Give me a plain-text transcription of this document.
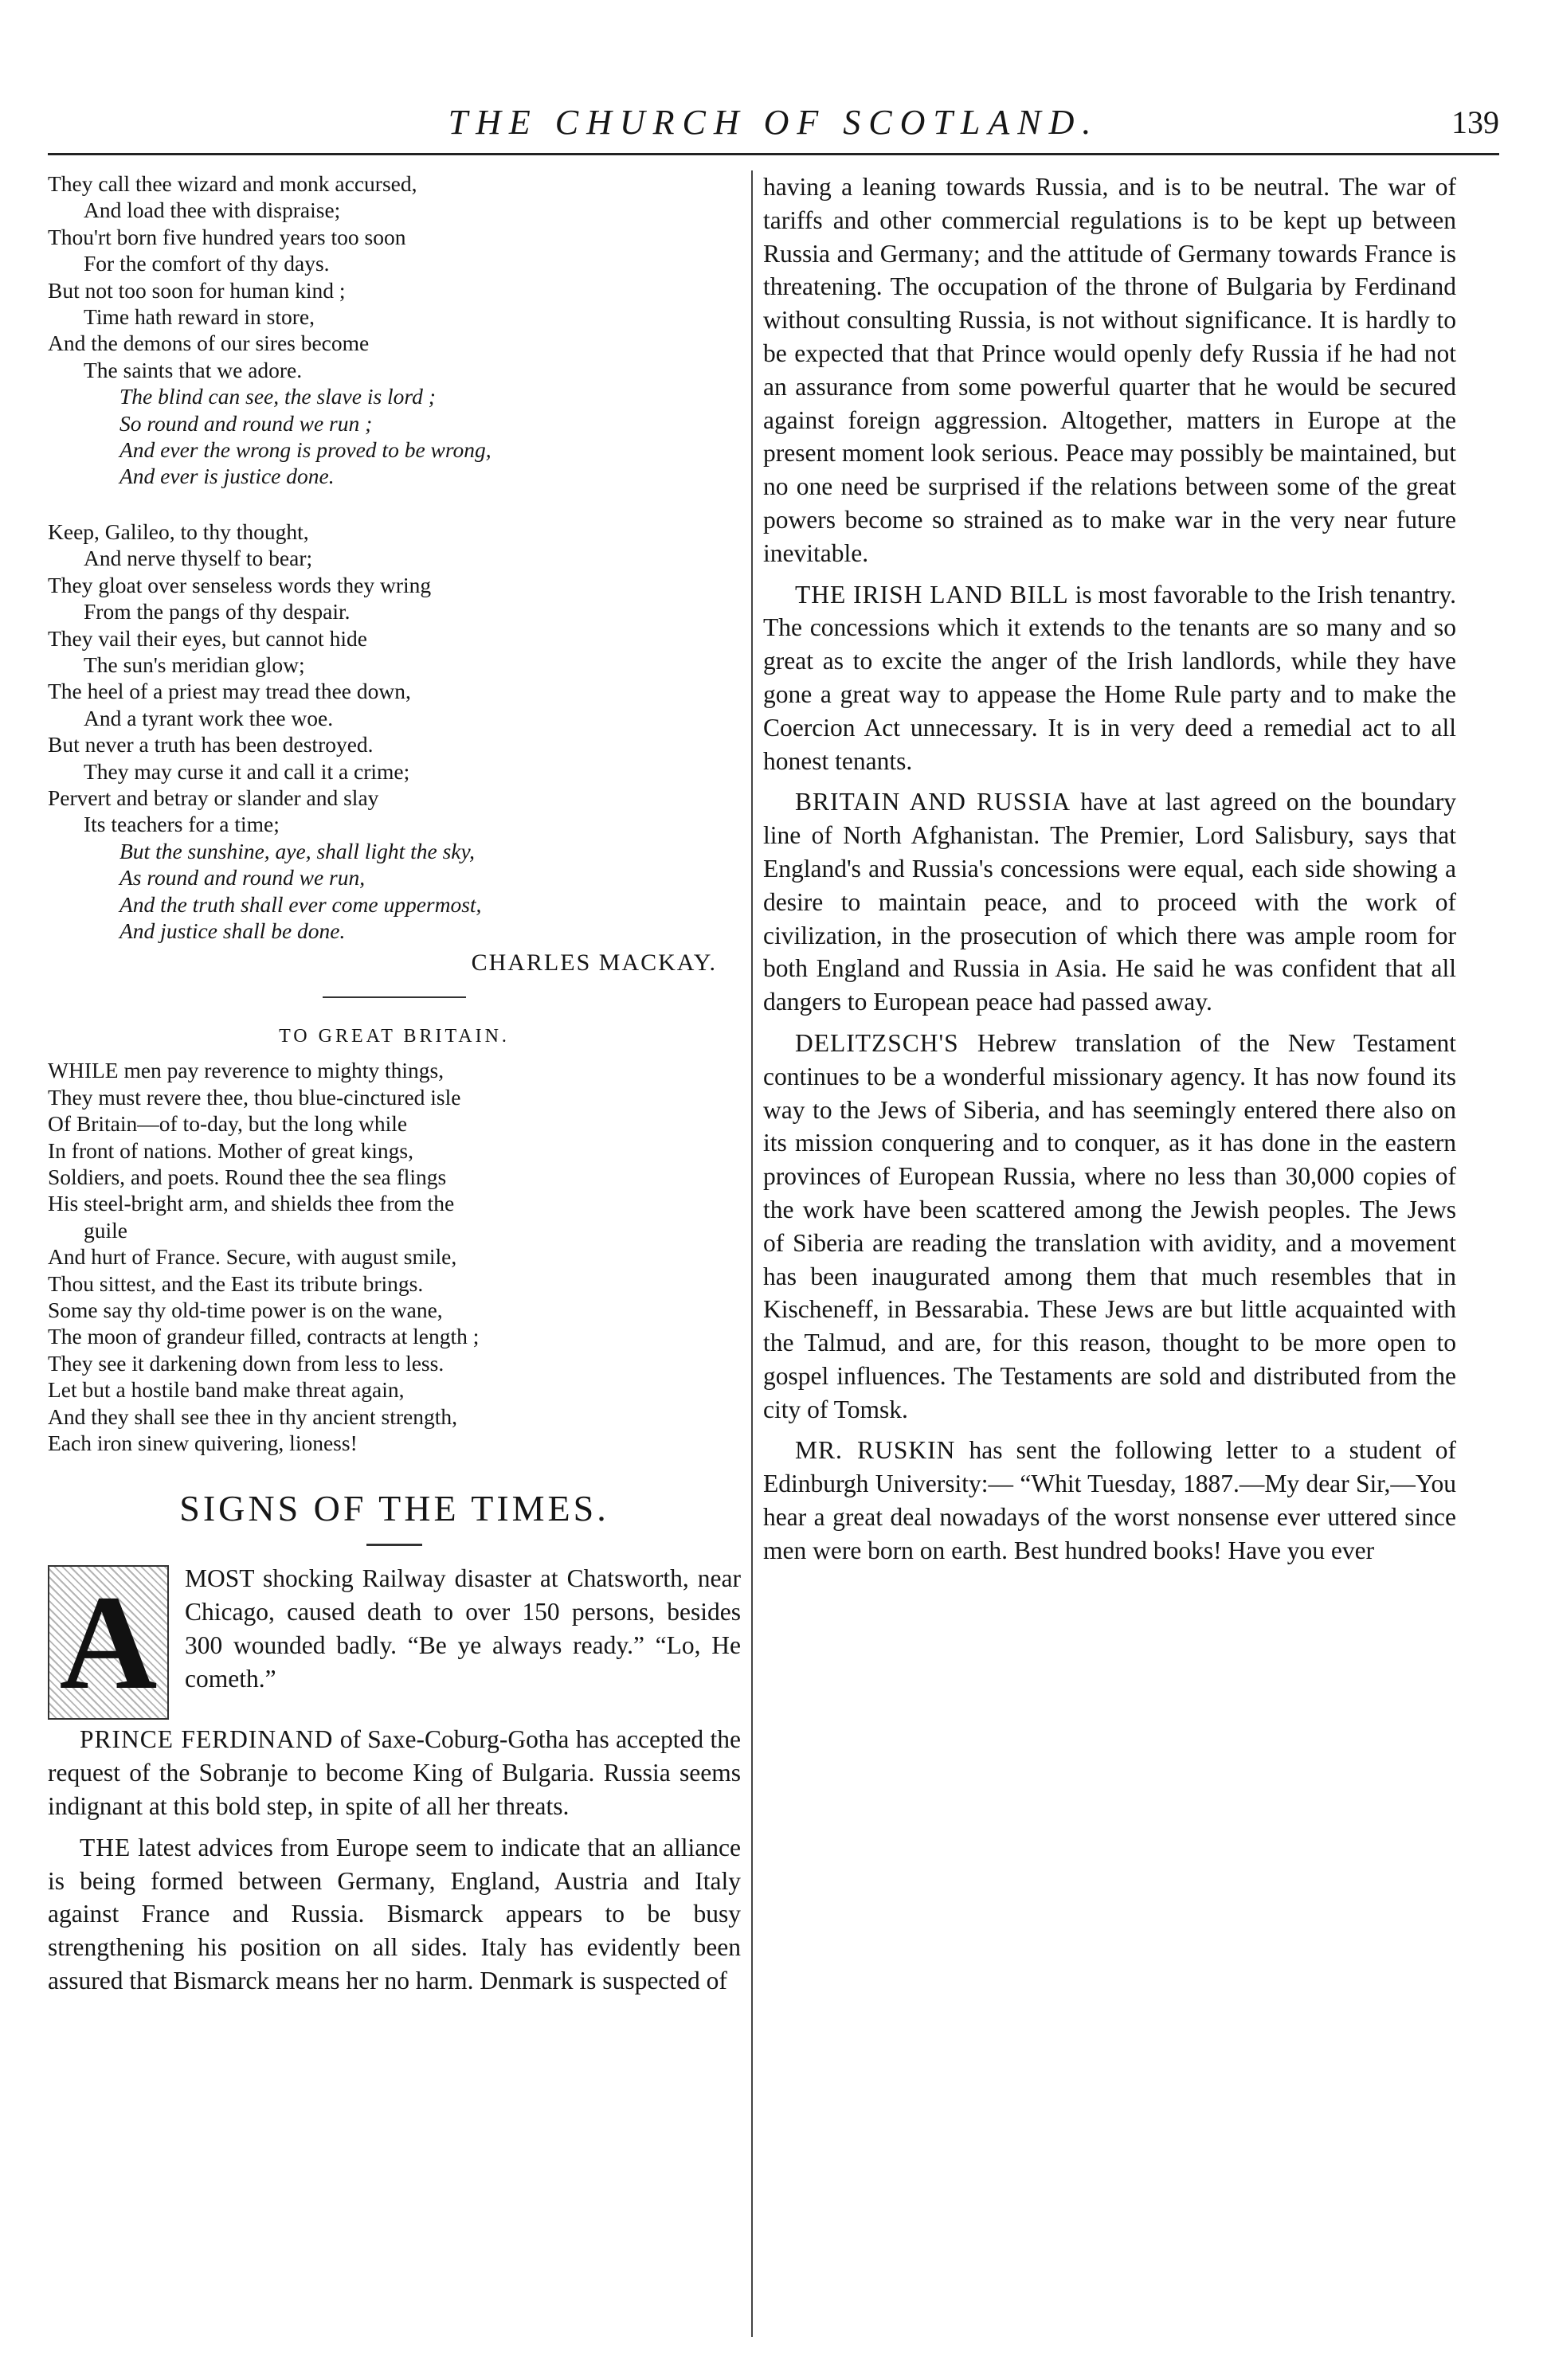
THE CHURCH OF SCOTLAND.	139
They call thee wizard and monk accursed,
And load thee with dispraise;
Thou'rt born five hundred years too soon
For the comfort of thy days.
But not too soon for human kind ;
Time hath reward in store,
And the demons of our sires become
The saints that we adore.
The blind can see, the slave is lord ;
So round and round we run ;
And ever the wrong is proved to be wrong,
And ever is justice done.
Keep, Galileo, to thy thought,
And nerve thyself to bear;
They gloat over senseless words they wring
From the pangs of thy despair.
They vail their eyes, but cannot hide
The sun's meridian glow;
The heel of a priest may tread thee down,
And a tyrant work thee woe.
But never a truth has been destroyed.
They may curse it and call it a crime;
Pervert and betray or slander and slay
Its teachers for a time;
But the sunshine, aye, shall light the sky,
As round and round we run,
And the truth shall ever come uppermost,
And justice shall be done.
CHARLES MACKAY.
TO GREAT BRITAIN.
WHILE men pay reverence to mighty things,
They must revere thee, thou blue-cinctured isle
Of Britain—of to-day, but the long while
In front of nations. Mother of great kings,
Soldiers, and poets. Round thee the sea flings
His steel-bright arm, and shields thee from the
guile
And hurt of France. Secure, with august smile,
Thou sittest, and the East its tribute brings.
Some say thy old-time power is on the wane,
The moon of grandeur filled, contracts at length ;
They see it darkening down from less to less.
Let but a hostile band make threat again,
And they shall see thee in thy ancient strength,
Each iron sinew quivering, lioness!
SIGNS OF THE TIMES.
A	MOST shocking Railway disaster at Chatsworth, near Chicago, caused death to over 150 persons, besides 300 wounded badly. “Be ye always ready.” “Lo, He cometh.”

PRINCE FERDINAND of Saxe-Coburg-Gotha has accepted the request of the Sobranje to become King of Bulgaria. Russia seems indignant at this bold step, in spite of all her threats.

THE latest advices from Europe seem to indicate that an alliance is being formed between Germany, England, Austria and Italy against France and Russia. Bismarck appears to be busy strengthening his position on all sides. Italy has evidently been assured that Bismarck means her no harm. Denmark is suspected of

having a leaning towards Russia, and is to be neutral. The war of tariffs and other commercial regulations is to be kept up between Russia and Germany; and the attitude of Germany towards France is threatening. The occupation of the throne of Bulgaria by Ferdinand without consulting Russia, is not without significance. It is hardly to be expected that that Prince would openly defy Russia if he had not an assurance from some powerful quarter that he would be secured against foreign aggression. Altogether, matters in Europe at the present moment look serious. Peace may possibly be maintained, but no one need be surprised if the relations between some of the great powers become so strained as to make war in the very near future inevitable.

THE IRISH LAND BILL is most favorable to the Irish tenantry. The concessions which it extends to the tenants are so many and so great as to excite the anger of the Irish landlords, while they have gone a great way to appease the Home Rule party and to make the Coercion Act unnecessary. It is in very deed a remedial act to all honest tenants.

BRITAIN AND RUSSIA have at last agreed on the boundary line of North Afghanistan. The Premier, Lord Salisbury, says that England's and Russia's concessions were equal, each side showing a desire to maintain peace, and to proceed with the work of civilization, in the prosecution of which there was ample room for both England and Russia in Asia. He said he was confident that all dangers to European peace had passed away.

DELITZSCH'S Hebrew translation of the New Testament continues to be a wonderful missionary agency. It has now found its way to the Jews of Siberia, and has seemingly entered there also on its mission conquering and to conquer, as it has done in the eastern provinces of European Russia, where no less than 30,000 copies of the work have been scattered among the Jewish peoples. The Jews of Siberia are reading the translation with avidity, and a movement has been inaugurated among them that much resembles that in Kischeneff, in Bessarabia. These Jews are but little acquainted with the Talmud, and are, for this reason, thought to be more open to gospel influences. The Testaments are sold and distributed from the city of Tomsk.

MR. RUSKIN has sent the following letter to a student of Edinburgh University:— “Whit Tuesday, 1887.—My dear Sir,—You hear a great deal nowadays of the worst nonsense ever uttered since men were born on earth. Best hundred books! Have you ever
